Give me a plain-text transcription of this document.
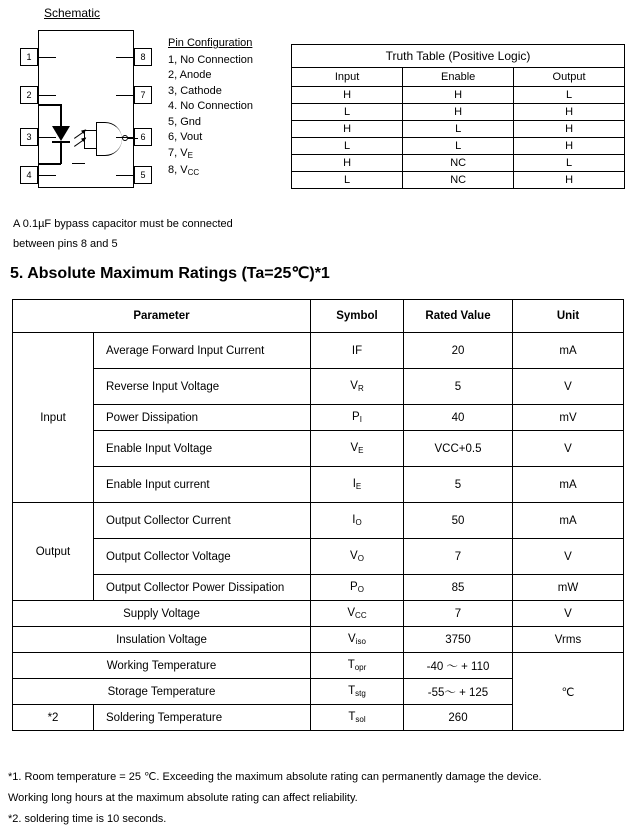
Schematic
1
2
3
4
8
7
6
5
Pin Configuration
1, No Connection
2, Anode
3, Cathode
4. No Connection
5, Gnd
6, Vout
7, $V_E$
8, $V_{CC}$
Truth Table (Positive Logic)		
Input	Enable	Output
H	H	L
L	H	H
H	L	H
L	L	H
H	NC	L
L	NC	H
A 0.1µF bypass capacitor must be connected
between pins 8 and 5
5. Absolute Maximum Ratings (Ta=25℃)*1
Parameter		Symbol	Rated Value	Unit
Input	Average Forward Input Current	IF	20	mA
	Reverse Input Voltage	$V_R$	5	V
	Power Dissipation	$P_I$	40	mV
	Enable Input Voltage	$V_E$	VCC+0.5	V
	Enable Input current	$I_E$	5	mA
Output	Output Collector Current	$I_O$	50	mA
	Output Collector Voltage	$V_O$	7	V
	Output Collector Power Dissipation	$P_O$	85	mW
Supply Voltage		$V_{CC}$	7	V
Insulation Voltage		$V_{iso}$	3750	Vrms
Working Temperature		$T_{opr}$	-40 ～ + 110	℃
Storage Temperature		$T_{stg}$	-55～ + 125	
*2	Soldering Temperature	$T_{sol}$	260	
*1. Room temperature = 25 ℃. Exceeding the maximum absolute rating can permanently damage the device.
Working long hours at the maximum absolute rating can affect reliability.
*2. soldering time is 10 seconds.
